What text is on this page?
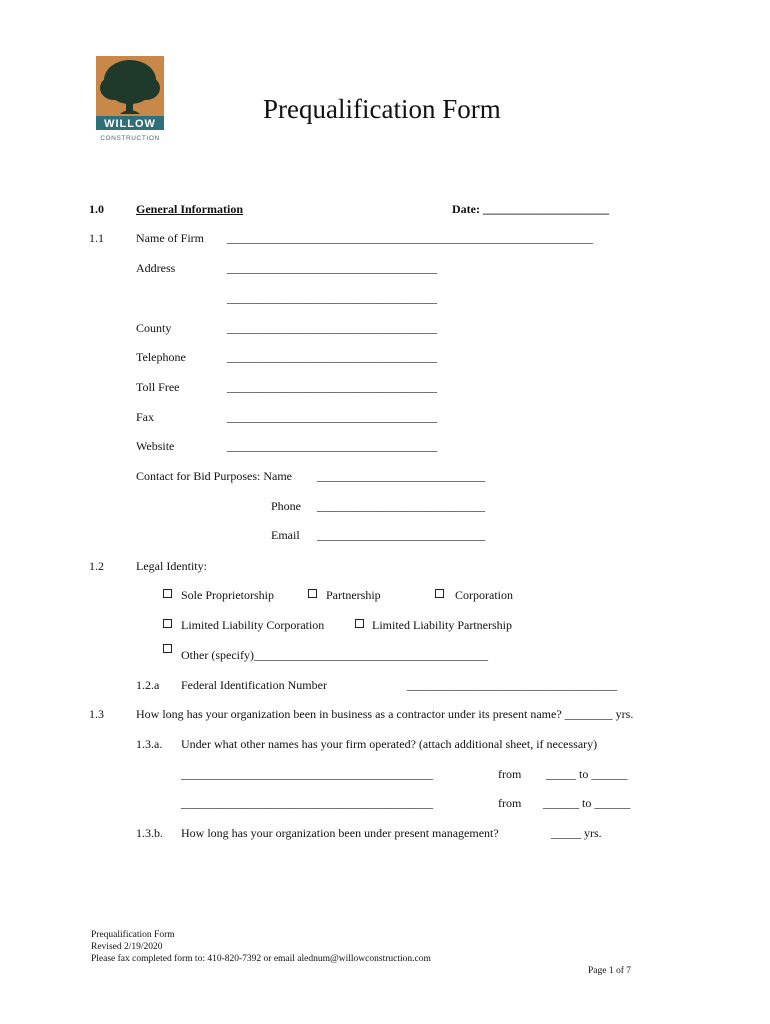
WILLOW
CONSTRUCTION
Prequalification Form
1.0	General Information	Date: _____________________
1.1	Name of Firm _____________________________________________________________
Address	___________________________________
___________________________________
County	___________________________________
Telephone	___________________________________
Toll Free	___________________________________
Fax	___________________________________
Website	___________________________________
Contact for Bid Purposes: Name ____________________________
Phone ____________________________
Email ____________________________
1.2	Legal Identity:
Sole Proprietorship	Partnership	Corporation
Limited Liability Corporation	Limited Liability Partnership
Other (specify)_______________________________________
1.2.a Federal Identification Number	___________________________________
1.3	How long has your organization been in business as a contractor under its present name? ________ yrs.
1.3.a. Under what other names has your firm operated? (attach additional sheet, if necessary)
__________________________________________	from _____ to ______
__________________________________________	from ______ to ______
1.3.b. How long has your organization been under present management?	_____ yrs.
Prequalification Form
Revised 2/19/2020
Please fax completed form to: 410-820-7392 or email alednum@willowconstruction.com
Page 1 of 7
